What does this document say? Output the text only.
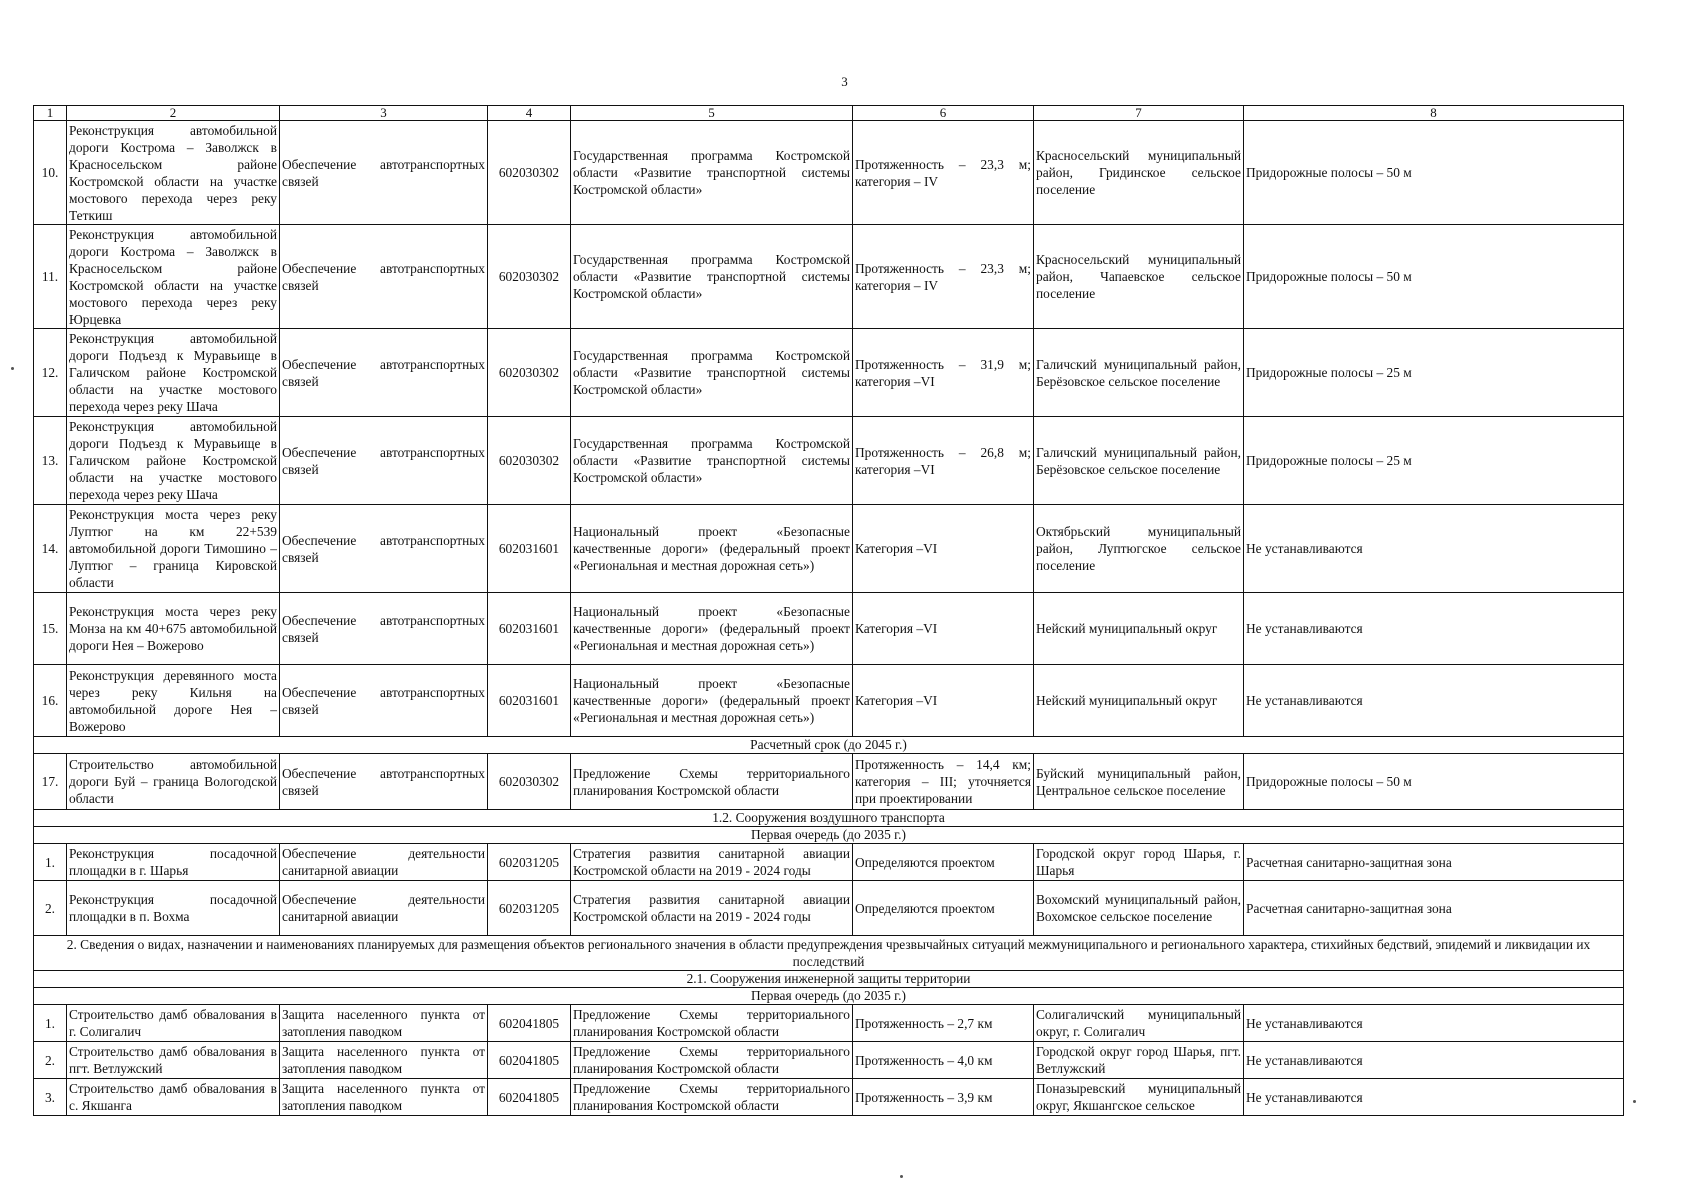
3
1	2	3	4	5	6	7	8
10.	Реконструкция автомобильной дороги Кострома – Заволжск в Красносельском районе Костромской области на участке мостового перехода через реку Теткиш	Обеспечение автотранспортных связей	602030302	Государственная программа Костромской области «Развитие транспортной системы Костромской области»	Протяженность – 23,3 м; категория – IV	Красносельский муниципальный район, Гридинское сельское поселение	Придорожные полосы – 50 м
11.	Реконструкция автомобильной дороги Кострома – Заволжск в Красносельском районе Костромской области на участке мостового перехода через реку Юрцевка	Обеспечение автотранспортных связей	602030302	Государственная программа Костромской области «Развитие транспортной системы Костромской области»	Протяженность – 23,3 м; категория – IV	Красносельский муниципальный район, Чапаевское сельское поселение	Придорожные полосы – 50 м
12.	Реконструкция автомобильной дороги Подъезд к Муравьище в Галичском районе Костромской области на участке мостового перехода через реку Шача	Обеспечение автотранспортных связей	602030302	Государственная программа Костромской области «Развитие транспортной системы Костромской области»	Протяженность – 31,9 м; категория –VI	Галичский муниципальный район, Берёзовское сельское поселение	Придорожные полосы – 25 м
13.	Реконструкция автомобильной дороги Подъезд к Муравьище в Галичском районе Костромской области на участке мостового перехода через реку Шача	Обеспечение автотранспортных связей	602030302	Государственная программа Костромской области «Развитие транспортной системы Костромской области»	Протяженность – 26,8 м; категория –VI	Галичский муниципальный район, Берёзовское сельское поселение	Придорожные полосы – 25 м
14.	Реконструкция моста через реку Луптюг на км 22+539 автомобильной дороги Тимошино – Луптюг – граница Кировской области	Обеспечение автотранспортных связей	602031601	Национальный проект «Безопасные качественные дороги» (федеральный проект «Региональная и местная дорожная сеть»)	Категория –VI	Октябрьский муниципальный район, Луптюгское сельское поселение	Не устанавливаются
15.	Реконструкция моста через реку Монза на км 40+675 автомобильной дороги Нея – Вожерово	Обеспечение автотранспортных связей	602031601	Национальный проект «Безопасные качественные дороги» (федеральный проект «Региональная и местная дорожная сеть»)	Категория –VI	Нейский муниципальный округ	Не устанавливаются
16.	Реконструкция деревянного моста через реку Кильня на автомобильной дороге Нея – Вожерово	Обеспечение автотранспортных связей	602031601	Национальный проект «Безопасные качественные дороги» (федеральный проект «Региональная и местная дорожная сеть»)	Категория –VI	Нейский муниципальный округ	Не устанавливаются
Расчетный срок (до 2045 г.)							
17.	Строительство автомобильной дороги Буй – граница Вологодской области	Обеспечение автотранспортных связей	602030302	Предложение Схемы территориального планирования Костромской области	Протяженность – 14,4 км; категория – III; уточняется при проектировании	Буйский муниципальный район, Центральное сельское поселение	Придорожные полосы – 50 м
1.2. Сооружения воздушного транспорта							
Первая очередь (до 2035 г.)							
1.	Реконструкция посадочной площадки в г. Шарья	Обеспечение деятельности санитарной авиации	602031205	Стратегия развития санитарной авиации Костромской области на 2019 - 2024 годы	Определяются проектом	Городской округ город Шарья, г. Шарья	Расчетная санитарно-защитная зона
2.	Реконструкция посадочной площадки в п. Вохма	Обеспечение деятельности санитарной авиации	602031205	Стратегия развития санитарной авиации Костромской области на 2019 - 2024 годы	Определяются проектом	Вохомский муниципальный район, Вохомское сельское поселение	Расчетная санитарно-защитная зона
2. Сведения о видах, назначении и наименованиях планируемых для размещения объектов регионального значения в области предупреждения чрезвычайных ситуаций межмуниципального и регионального характера, стихийных бедствий, эпидемий и ликвидации их последствий							
2.1. Сооружения инженерной защиты территории							
Первая очередь (до 2035 г.)							
1.	Строительство дамб обвалования в г. Солигалич	Защита населенного пункта от затопления паводком	602041805	Предложение Схемы территориального планирования Костромской области	Протяженность – 2,7 км	Солигаличский муниципальный округ, г. Солигалич	Не устанавливаются
2.	Строительство дамб обвалования в пгт. Ветлужский	Защита населенного пункта от затопления паводком	602041805	Предложение Схемы территориального планирования Костромской области	Протяженность – 4,0 км	Городской округ город Шарья, пгт. Ветлужский	Не устанавливаются
3.	Строительство дамб обвалования в с. Якшанга	Защита населенного пункта от затопления паводком	602041805	Предложение Схемы территориального планирования Костромской области	Протяженность – 3,9 км	Поназыревский муниципальный округ, Якшангское сельское	Не устанавливаются
